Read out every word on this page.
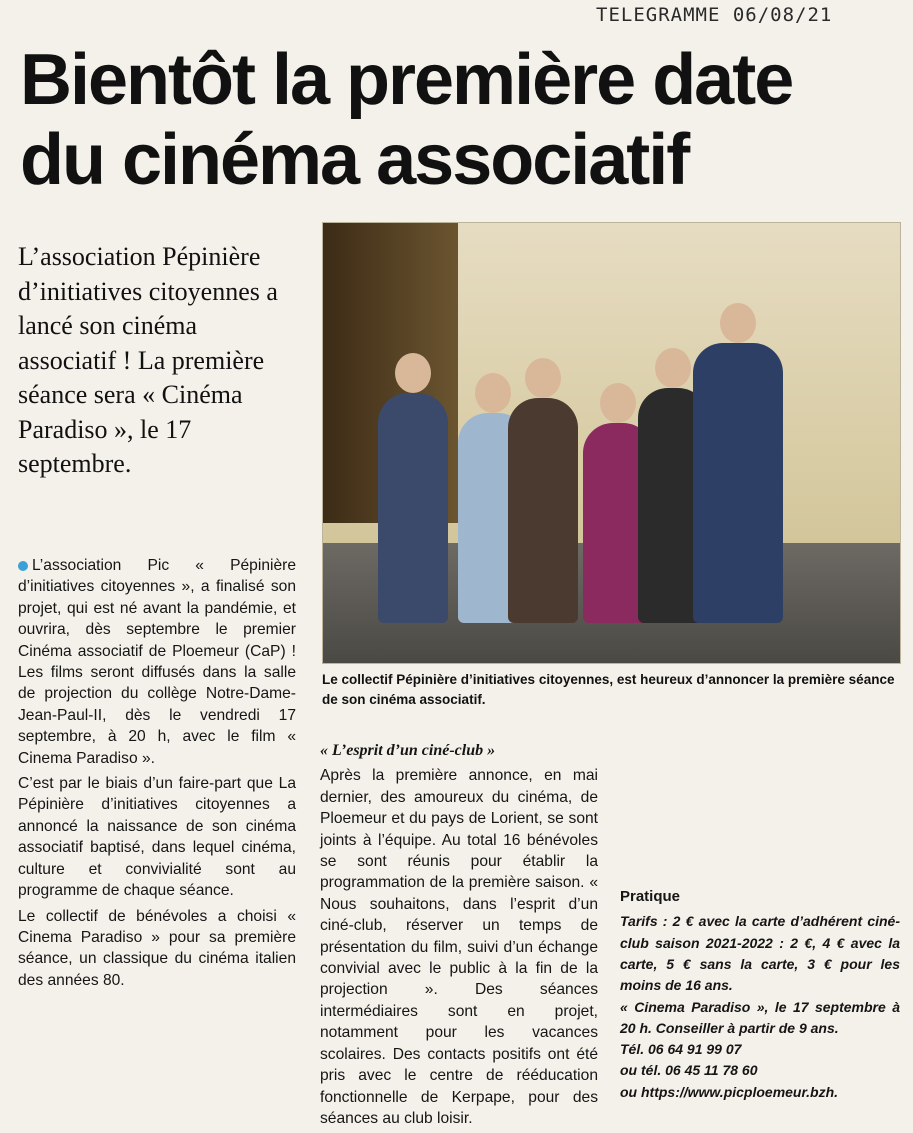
TELEGRAMME 06/08/21
Bientôt la première date
du cinéma associatif

L’association Pépinière d’initiatives citoyennes a lancé son cinéma associatif ! La première séance sera « Cinéma Paradiso », le 17 septembre.

Le collectif Pépinière d’initiatives citoyennes, est heureux d’annoncer la première séance de son cinéma associatif.

L’association Pic « Pépinière d’initiatives citoyennes », a finalisé son projet, qui est né avant la pandémie, et ouvrira, dès septembre le premier Cinéma associatif de Ploemeur (CaP) ! Les films seront diffusés dans la salle de projection du collège Notre-Dame-Jean-Paul-II, dès le vendredi 17 septembre, à 20 h, avec le film « Cinema Paradiso ».

C’est par le biais d’un faire-part que La Pépinière d’initiatives citoyennes a annoncé la naissance de son cinéma associatif baptisé, dans lequel cinéma, culture et convivialité sont au programme de chaque séance.

Le collectif de bénévoles a choisi « Cinema Paradiso » pour sa première séance, un classique du cinéma italien des années 80.

« L’esprit d’un ciné-club »

Après la première annonce, en mai dernier, des amoureux du cinéma, de Ploemeur et du pays de Lorient, se sont joints à l’équipe. Au total 16 bénévoles se sont réunis pour établir la programmation de la première saison. « Nous souhaitons, dans l’esprit d’un ciné-club, réserver un temps de présentation du film, suivi d’un échange convivial avec le public à la fin de la projection ». Des séances intermédiaires sont en projet, notamment pour les vacances scolaires. Des contacts positifs ont été pris avec le centre de rééducation fonctionnelle de Kerpape, pour des séances au club loisir.

Pratique

Tarifs : 2 € avec la carte d’adhérent ciné-club saison 2021-2022 : 2 €, 4 € avec la carte, 5 € sans la carte, 3 € pour les moins de 16 ans.

« Cinema Paradiso », le 17 septembre à 20 h. Conseiller à partir de 9 ans.

Tél. 06 64 91 99 07

ou tél. 06 45 11 78 60

ou https://www.picploemeur.bzh.
